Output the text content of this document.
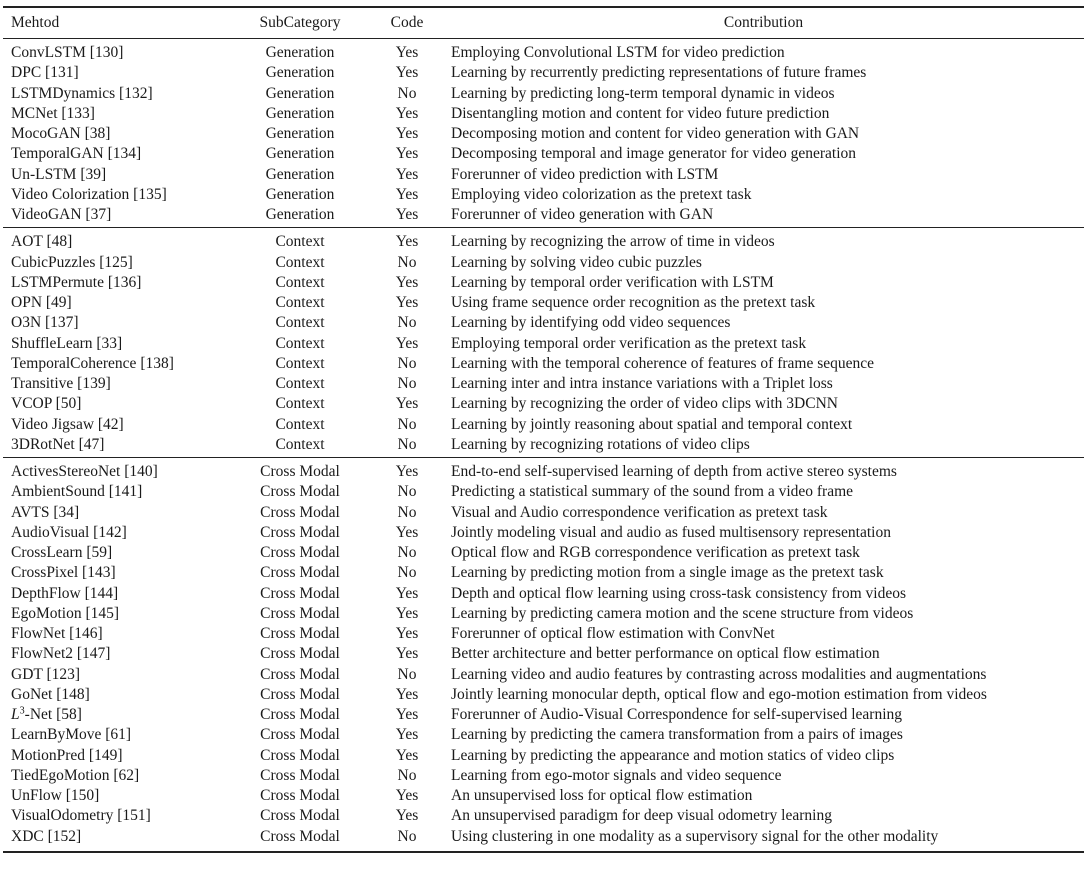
Mehtod	SubCategory	Code	Contribution
ConvLSTM [130]	Generation	Yes	Employing Convolutional LSTM for video prediction
DPC [131]	Generation	Yes	Learning by recurrently predicting representations of future frames
LSTMDynamics [132]	Generation	No	Learning by predicting long-term temporal dynamic in videos
MCNet [133]	Generation	Yes	Disentangling motion and content for video future prediction
MocoGAN [38]	Generation	Yes	Decomposing motion and content for video generation with GAN
TemporalGAN [134]	Generation	Yes	Decomposing temporal and image generator for video generation
Un-LSTM [39]	Generation	Yes	Forerunner of video prediction with LSTM
Video Colorization [135]	Generation	Yes	Employing video colorization as the pretext task
VideoGAN [37]	Generation	Yes	Forerunner of video generation with GAN
AOT [48]	Context	Yes	Learning by recognizing the arrow of time in videos
CubicPuzzles [125]	Context	No	Learning by solving video cubic puzzles
LSTMPermute [136]	Context	Yes	Learning by temporal order verification with LSTM
OPN [49]	Context	Yes	Using frame sequence order recognition as the pretext task
O3N [137]	Context	No	Learning by identifying odd video sequences
ShuffleLearn [33]	Context	Yes	Employing temporal order verification as the pretext task
TemporalCoherence [138]	Context	No	Learning with the temporal coherence of features of frame sequence
Transitive [139]	Context	No	Learning inter and intra instance variations with a Triplet loss
VCOP [50]	Context	Yes	Learning by recognizing the order of video clips with 3DCNN
Video Jigsaw [42]	Context	No	Learning by jointly reasoning about spatial and temporal context
3DRotNet [47]	Context	No	Learning by recognizing rotations of video clips
ActivesStereoNet [140]	Cross Modal	Yes	End-to-end self-supervised learning of depth from active stereo systems
AmbientSound [141]	Cross Modal	No	Predicting a statistical summary of the sound from a video frame
AVTS [34]	Cross Modal	No	Visual and Audio correspondence verification as pretext task
AudioVisual [142]	Cross Modal	Yes	Jointly modeling visual and audio as fused multisensory representation
CrossLearn [59]	Cross Modal	No	Optical flow and RGB correspondence verification as pretext task
CrossPixel [143]	Cross Modal	No	Learning by predicting motion from a single image as the pretext task
DepthFlow [144]	Cross Modal	Yes	Depth and optical flow learning using cross-task consistency from videos
EgoMotion [145]	Cross Modal	Yes	Learning by predicting camera motion and the scene structure from videos
FlowNet [146]	Cross Modal	Yes	Forerunner of optical flow estimation with ConvNet
FlowNet2 [147]	Cross Modal	Yes	Better architecture and better performance on optical flow estimation
GDT [123]	Cross Modal	No	Learning video and audio features by contrasting across modalities and augmentations
GoNet [148]	Cross Modal	Yes	Jointly learning monocular depth, optical flow and ego-motion estimation from videos
$L^3$-Net [58]	Cross Modal	Yes	Forerunner of Audio-Visual Correspondence for self-supervised learning
LearnByMove [61]	Cross Modal	Yes	Learning by predicting the camera transformation from a pairs of images
MotionPred [149]	Cross Modal	Yes	Learning by predicting the appearance and motion statics of video clips
TiedEgoMotion [62]	Cross Modal	No	Learning from ego-motor signals and video sequence
UnFlow [150]	Cross Modal	Yes	An unsupervised loss for optical flow estimation
VisualOdometry [151]	Cross Modal	Yes	An unsupervised paradigm for deep visual odometry learning
XDC [152]	Cross Modal	No	Using clustering in one modality as a supervisory signal for the other modality
